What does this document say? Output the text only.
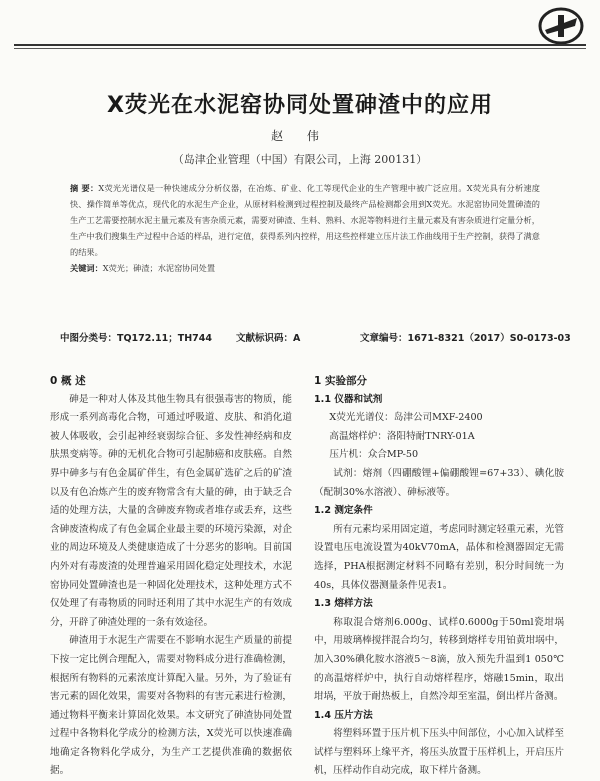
X荧光在水泥窑协同处置砷渣中的应用
赵 伟
（岛津企业管理（中国）有限公司，上海 200131）
摘 要：X荧光光谱仪是一种快速成分分析仪器，在冶炼、矿业、化工等现代企业的生产管理中被广泛应用。X荧光具有分析速度快、操作简单等优点，现代化的水泥生产企业，从原材料检测到过程控制及最终产品检测都会用到X荧光。水泥窑协同处置砷渣的生产工艺需要控制水泥主量元素及有害杂质元素，需要对砷渣、生料、熟料、水泥等物料进行主量元素及有害杂质进行定量分析，生产中我们搜集生产过程中合适的样品，进行定值，获得系列内控样，用这些控样建立压片法工作曲线用于生产控制，获得了满意的结果。
关键词：X荧光；砷渣；水泥窑协同处置
中图分类号：TQ172.11；TH744	文献标识码：A	文章编号：1671-8321（2017）S0-0173-03
0 概 述

砷是一种对人体及其他生物具有很强毒害的物质，能形成一系列高毒化合物，可通过呼吸道、皮肤、和消化道被人体吸收，会引起神经衰弱综合征、多发性神经病和皮肤黑变病等。砷的无机化合物可引起肺癌和皮肤癌。自然界中砷多与有色金属矿伴生，有色金属矿选矿之后的矿渣以及有色冶炼产生的废弃物常含有大量的砷，由于缺乏合适的处理方法，大量的含砷废弃物或者堆存或丢弃，这些含砷废渣构成了有色金属企业最主要的环境污染源，对企业的周边环境及人类健康造成了十分恶劣的影响。目前国内外对有毒废渣的处理普遍采用固化稳定处理技术，水泥窑协同处置砷渣也是一种固化处理技术，这种处理方式不仅处理了有毒物质的同时还利用了其中水泥生产的有效成分，开辟了砷渣处理的一条有效途径。

砷渣用于水泥生产需要在不影响水泥生产质量的前提下按一定比例合理配入，需要对物料成分进行准确检测，根据所有物料的元素浓度计算配入量。另外，为了验证有害元素的固化效果，需要对各物料的有害元素进行检测，通过物料平衡来计算固化效果。本文研究了砷渣协同处置过程中各物料化学成分的检测方法，X荧光可以快速准确地确定各物料化学成分，为生产工艺提供准确的数据依据。

1 实验部分
1.1 仪器和试剂
X荧光光谱仪：岛津公司MXF-2400
高温熔样炉：洛阳特耐TNRY-01A
压片机：众合MP-50

试剂：熔剂（四硼酸锂+偏硼酸锂=67+33）、碘化胺（配制30%水溶液）、砷标液等。

1.2 测定条件

所有元素均采用固定道，考虑同时测定轻重元素，光管设置电压电流设置为40kV70mA，晶体和检测器固定无需选择，PHA根据测定材料不同略有差别，积分时间统一为40s，具体仪器测量条件见表1。

1.3 熔样方法

称取混合熔剂6.000g、试样0.6000g于50ml瓷坩埚中，用玻璃棒搅拌混合均匀，转移到熔样专用铂黄坩埚中，加入30%碘化胺水溶液5～8滴，放入预先升温到1 050℃的高温熔样炉中，执行自动熔样程序，熔融15min，取出坩埚，平放于耐热板上，自然冷却至室温，倒出样片备测。

1.4 压片方法

将塑料环置于压片机下压头中间部位，小心加入试样至试样与塑料环上缘平齐，将压头放置于压样机上，开启压片机，压样动作自动完成，取下样片备测。
